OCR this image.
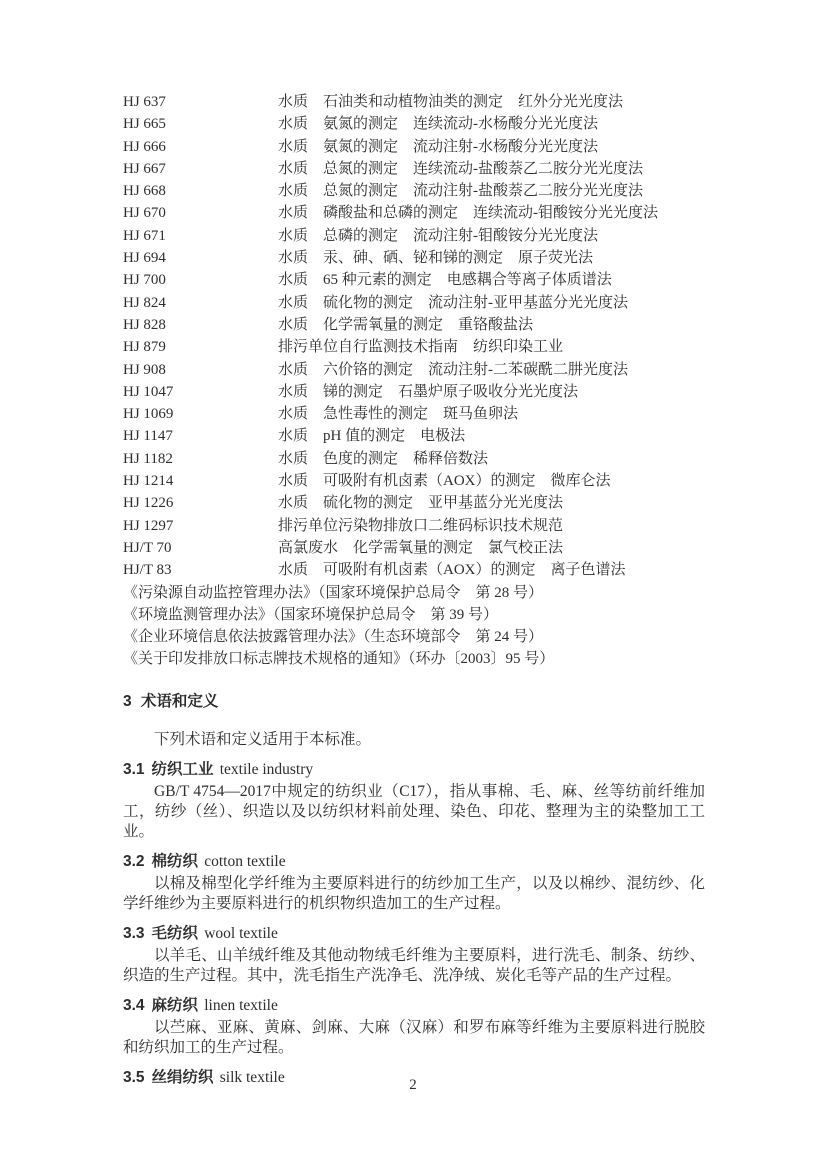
HJ 637	水质　石油类和动植物油类的测定　红外分光光度法
HJ 665	水质　氨氮的测定　连续流动-水杨酸分光光度法
HJ 666	水质　氨氮的测定　流动注射-水杨酸分光光度法
HJ 667	水质　总氮的测定　连续流动-盐酸萘乙二胺分光光度法
HJ 668	水质　总氮的测定　流动注射-盐酸萘乙二胺分光光度法
HJ 670	水质　磷酸盐和总磷的测定　连续流动-钼酸铵分光光度法
HJ 671	水质　总磷的测定　流动注射-钼酸铵分光光度法
HJ 694	水质　汞、砷、硒、铋和锑的测定　原子荧光法
HJ 700	水质　65 种元素的测定　电感耦合等离子体质谱法
HJ 824	水质　硫化物的测定　流动注射-亚甲基蓝分光光度法
HJ 828	水质　化学需氧量的测定　重铬酸盐法
HJ 879	排污单位自行监测技术指南　纺织印染工业
HJ 908	水质　六价铬的测定　流动注射-二苯碳酰二肼光度法
HJ 1047	水质　锑的测定　石墨炉原子吸收分光光度法
HJ 1069	水质　急性毒性的测定　斑马鱼卵法
HJ 1147	水质　pH 值的测定　电极法
HJ 1182	水质　色度的测定　稀释倍数法
HJ 1214	水质　可吸附有机卤素（AOX）的测定　微库仑法
HJ 1226	水质　硫化物的测定　亚甲基蓝分光光度法
HJ 1297	排污单位污染物排放口二维码标识技术规范
HJ/T 70	高氯废水　化学需氧量的测定　氯气校正法
HJ/T 83	水质　可吸附有机卤素（AOX）的测定　离子色谱法
《污染源自动监控管理办法》（国家环境保护总局令　第 28 号）
《环境监测管理办法》（国家环境保护总局令　第 39 号）
《企业环境信息依法披露管理办法》（生态环境部令　第 24 号）
《关于印发排放口标志牌技术规格的通知》（环办〔2003〕95 号）
3 术语和定义

下列术语和定义适用于本标准。

3.1 纺织工业 textile industry

GB/T 4754—2017中规定的纺织业（C17），指从事棉、毛、麻、丝等纺前纤维加工，纺纱（丝）、织造以及以纺织材料前处理、染色、印花、整理为主的染整加工工业。

3.2 棉纺织 cotton textile

以棉及棉型化学纤维为主要原料进行的纺纱加工生产，以及以棉纱、混纺纱、化学纤维纱为主要原料进行的机织物织造加工的生产过程。

3.3 毛纺织 wool textile

以羊毛、山羊绒纤维及其他动物绒毛纤维为主要原料，进行洗毛、制条、纺纱、织造的生产过程。其中，洗毛指生产洗净毛、洗净绒、炭化毛等产品的生产过程。

3.4 麻纺织 linen textile

以苎麻、亚麻、黄麻、剑麻、大麻（汉麻）和罗布麻等纤维为主要原料进行脱胶和纺织加工的生产过程。

3.5 丝绢纺织 silk textile	2
